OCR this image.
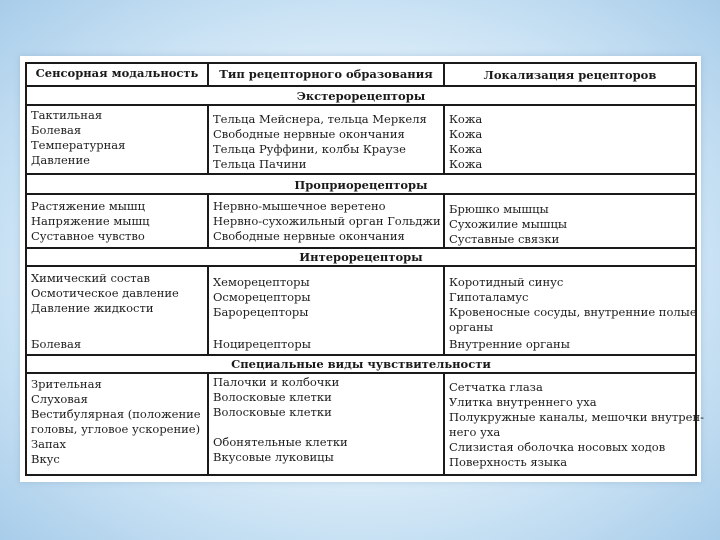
Сенсорная модальность	Тип рецепторного образования	Локализация рецепторов
Экстерорецепторы
Тактильная
Болевая
Температурная
Давление
Тельца Мейснера, тельца Меркеля
Свободные нервные окончания
Тельца Руффини, колбы Краузе
Тельца Пачини
Кожа
Кожа
Кожа
Кожа
Проприорецепторы
Растяжение мышц
Напряжение мышц
Суставное чувство
Нервно-мышечное веретено
Нервно-сухожильный орган Гольджи
Свободные нервные окончания
Брюшко мышцы
Сухожилие мышцы
Суставные связки
Интерорецепторы
Химический состав
Осмотическое давление
Давление жидкости

Болевая
Хеморецепторы
Осморецепторы
Барорецепторы

Ноцирецепторы
Коротидный синус
Гипоталамус
Кровеносные сосуды, внутренние полые
органы
Внутренние органы
Специальные виды чувствительности
Зрительная
Слуховая
Вестибулярная (положение
головы, угловое ускорение)
Запах
Вкус
Палочки и колбочки
Волосковые клетки
Волосковые клетки

Обонятельные клетки
Вкусовые луковицы
Сетчатка глаза
Улитка внутреннего уха
Полукружные каналы, мешочки внутрен-
него уха
Слизистая оболочка носовых ходов
Поверхность языка
